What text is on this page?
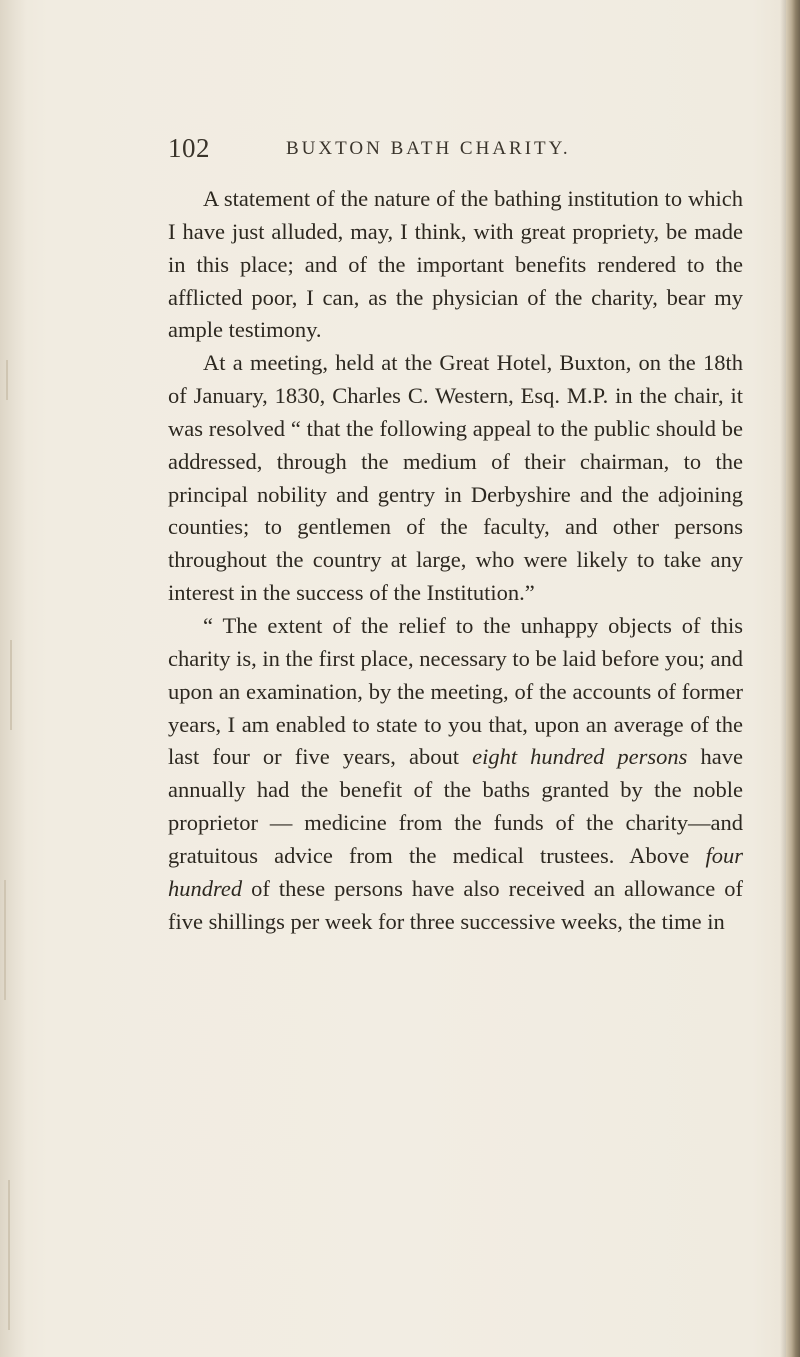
102	BUXTON BATH CHARITY.

A statement of the nature of the bathing institution to which I have just alluded, may, I think, with great propriety, be made in this place; and of the important benefits rendered to the afflicted poor, I can, as the physician of the charity, bear my ample testimony.

At a meeting, held at the Great Hotel, Buxton, on the 18th of January, 1830, Charles C. Western, Esq. M.P. in the chair, it was resolved “ that the following appeal to the public should be addressed, through the medium of their chairman, to the principal nobility and gentry in Derbyshire and the adjoining counties; to gentlemen of the faculty, and other persons throughout the country at large, who were likely to take any interest in the success of the Institution.”

“ The extent of the relief to the unhappy objects of this charity is, in the first place, necessary to be laid before you; and upon an examination, by the meeting, of the accounts of former years, I am enabled to state to you that, upon an average of the last four or five years, about eight hundred persons have annually had the benefit of the baths granted by the noble proprietor — medicine from the funds of the charity—and gratuitous advice from the medical trustees. Above four hundred of these persons have also received an allowance of five shillings per week for three successive weeks, the time in
